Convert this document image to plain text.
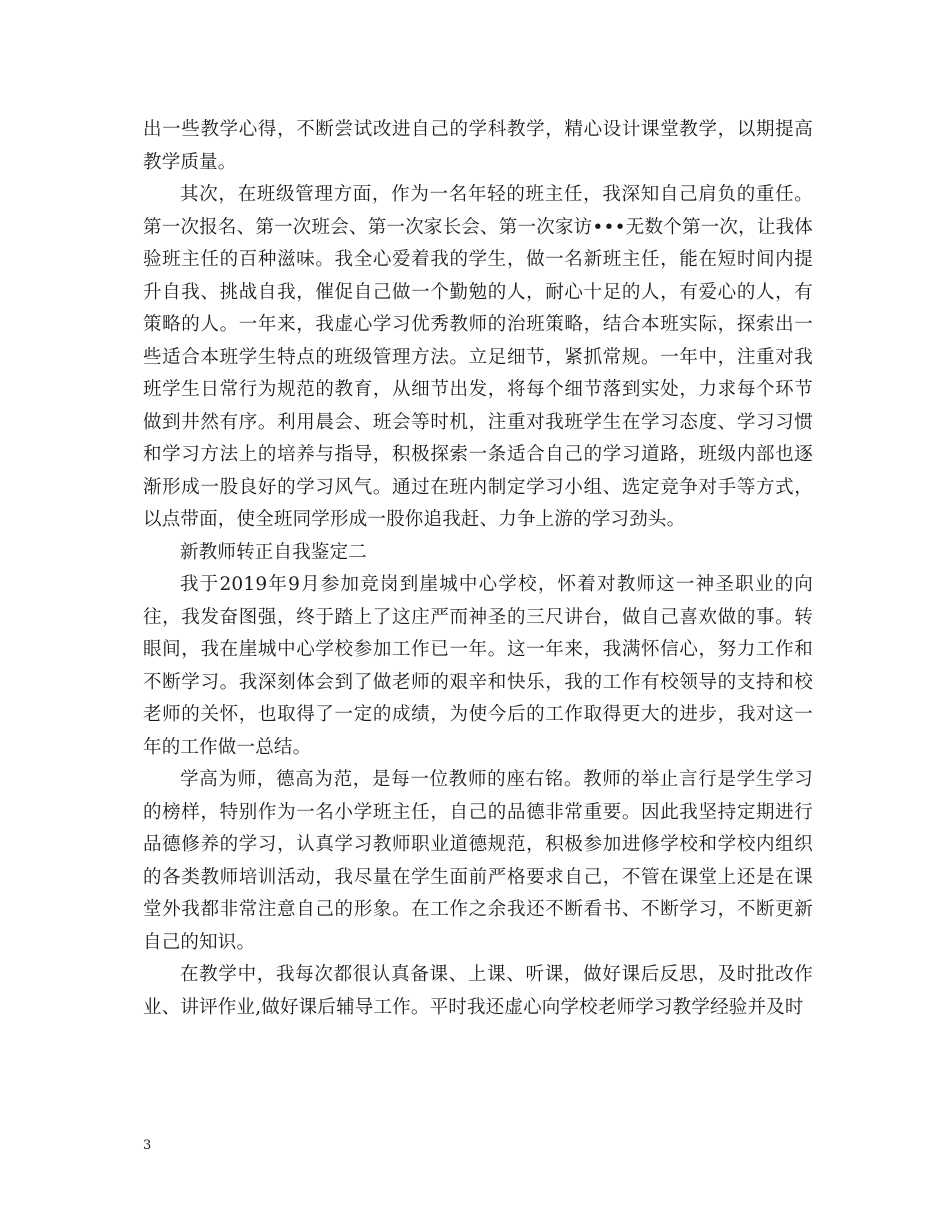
出一些教学心得，不断尝试改进自己的学科教学，精心设计课堂教学，以期提高教学质量。

其次，在班级管理方面，作为一名年轻的班主任，我深知自己肩负的重任。第一次报名、第一次班会、第一次家长会、第一次家访•••无数个第一次，让我体验班主任的百种滋味。我全心爱着我的学生，做一名新班主任，能在短时间内提升自我、挑战自我，催促自己做一个勤勉的人，耐心十足的人，有爱心的人，有策略的人。一年来，我虚心学习优秀教师的治班策略，结合本班实际，探索出一些适合本班学生特点的班级管理方法。立足细节，紧抓常规。一年中，注重对我班学生日常行为规范的教育，从细节出发，将每个细节落到实处，力求每个环节做到井然有序。利用晨会、班会等时机，注重对我班学生在学习态度、学习习惯和学习方法上的培养与指导，积极探索一条适合自己的学习道路，班级内部也逐渐形成一股良好的学习风气。通过在班内制定学习小组、选定竞争对手等方式，以点带面，使全班同学形成一股你追我赶、力争上游的学习劲头。

新教师转正自我鉴定二

我于2019年9月参加竞岗到崖城中心学校，怀着对教师这一神圣职业的向往，我发奋图强，终于踏上了这庄严而神圣的三尺讲台，做自己喜欢做的事。转眼间，我在崖城中心学校参加工作已一年。这一年来，我满怀信心，努力工作和不断学习。我深刻体会到了做老师的艰辛和快乐，我的工作有校领导的支持和校老师的关怀，也取得了一定的成绩，为使今后的工作取得更大的进步，我对这一年的工作做一总结。

学高为师，德高为范，是每一位教师的座右铭。教师的举止言行是学生学习的榜样，特别作为一名小学班主任，自己的品德非常重要。因此我坚持定期进行品德修养的学习，认真学习教师职业道德规范，积极参加进修学校和学校内组织的各类教师培训活动，我尽量在学生面前严格要求自己，不管在课堂上还是在课堂外我都非常注意自己的形象。在工作之余我还不断看书、不断学习，不断更新自己的知识。

在教学中，我每次都很认真备课、上课、听课，做好课后反思，及时批改作业、讲评作业,做好课后辅导工作。平时我还虚心向学校老师学习教学经验并及时

3
